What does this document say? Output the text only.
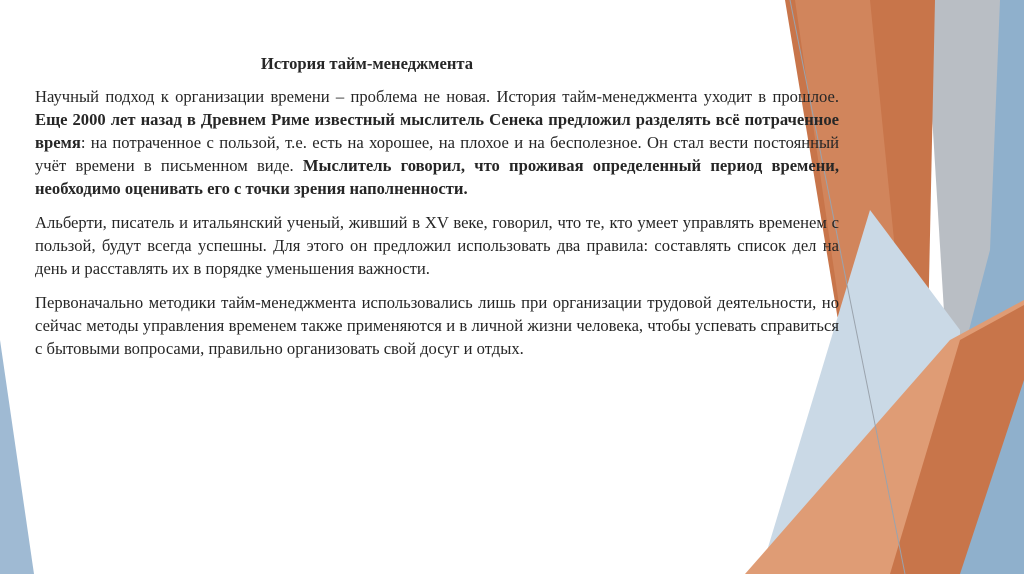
История тайм-менеджмента

Научный подход к организации времени – проблема не новая. История тайм-менеджмента уходит в прошлое. Еще 2000 лет назад в Древнем Риме известный мыслитель Сенека предложил разделять всё потраченное время: на потраченное с пользой, т.е. есть на хорошее, на плохое и на бесполезное. Он стал вести постоянный учёт времени в письменном виде. Мыслитель говорил, что проживая определенный период времени, необходимо оценивать его с точки зрения наполненности.

Альберти, писатель и итальянский ученый, живший в XV веке, говорил, что те, кто умеет управлять временем с пользой, будут всегда успешны. Для этого он предложил использовать два правила: составлять список дел на день и расставлять их в порядке уменьшения важности.

Первоначально методики тайм-менеджмента использовались лишь при организации трудовой деятельности, но сейчас методы управления временем также применяются и в личной жизни человека, чтобы успевать справиться с бытовыми вопросами, правильно организовать свой досуг и отдых.
